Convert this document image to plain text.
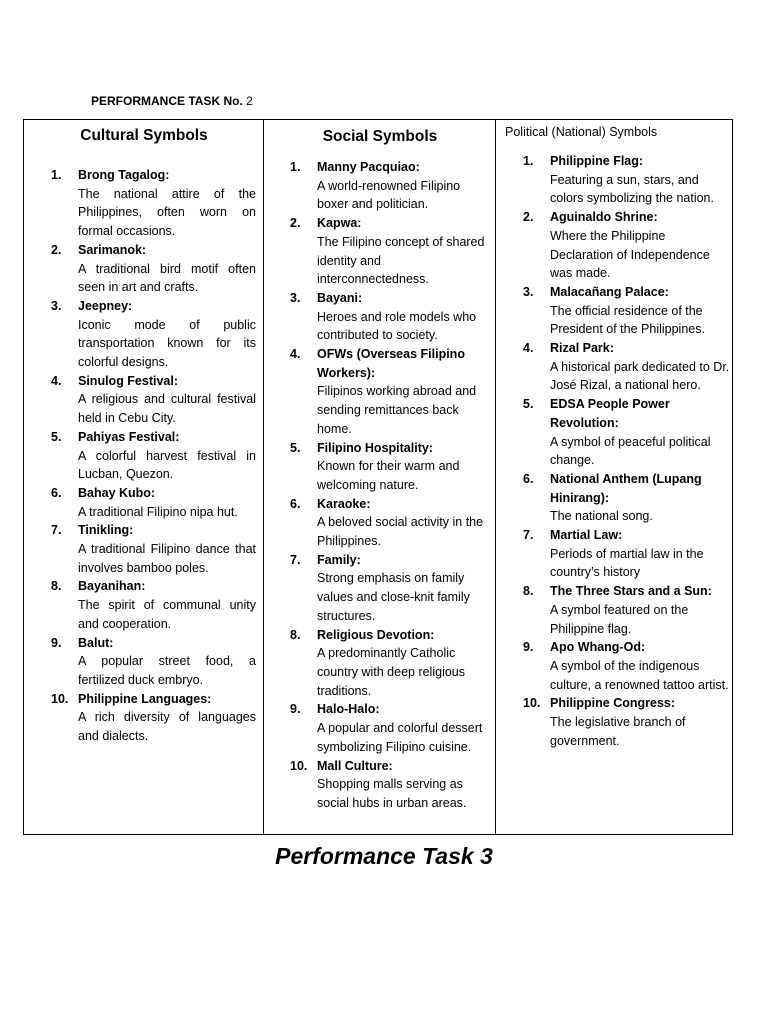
PERFORMANCE TASK No. 2
Cultural Symbols
1. Brong Tagalog:
The national attire of the Philippines, often worn on formal occasions.
2. Sarimanok:
A traditional bird motif often seen in art and crafts.
3. Jeepney:
Iconic mode of public transportation known for its colorful designs.
4. Sinulog Festival:
A religious and cultural festival held in Cebu City.
5. Pahiyas Festival:
A colorful harvest festival in Lucban, Quezon.
6. Bahay Kubo:
A traditional Filipino nipa hut.
7. Tinikling:
A traditional Filipino dance that involves bamboo poles.
8. Bayanihan:
The spirit of communal unity and cooperation.
9. Balut:
A popular street food, a fertilized duck embryo.
10. Philippine Languages:
A rich diversity of languages and dialects.
Social Symbols
1. Manny Pacquiao:
A world-renowned Filipino boxer and politician.
2. Kapwa:
The Filipino concept of shared identity and interconnectedness.
3. Bayani:
Heroes and role models who contributed to society.
4. OFWs (Overseas Filipino Workers):
Filipinos working abroad and sending remittances back home.
5. Filipino Hospitality:
Known for their warm and welcoming nature.
6. Karaoke:
A beloved social activity in the Philippines.
7. Family:
Strong emphasis on family values and close-knit family structures.
8. Religious Devotion:
A predominantly Catholic country with deep religious traditions.
9. Halo-Halo:
A popular and colorful dessert symbolizing Filipino cuisine.
10. Mall Culture:
Shopping malls serving as social hubs in urban areas.
Political (National) Symbols
1. Philippine Flag:
Featuring a sun, stars, and colors symbolizing the nation.
2. Aguinaldo Shrine:
Where the Philippine Declaration of Independence was made.
3. Malacañang Palace:
The official residence of the President of the Philippines.
4. Rizal Park:
A historical park dedicated to Dr. José Rizal, a national hero.
5. EDSA People Power Revolution:
A symbol of peaceful political change.
6. National Anthem (Lupang Hinirang):
The national song.
7. Martial Law:
Periods of martial law in the country’s history
8. The Three Stars and a Sun:
A symbol featured on the Philippine flag.
9. Apo Whang-Od:
A symbol of the indigenous culture, a renowned tattoo artist.
10. Philippine Congress:
The legislative branch of government.
Performance Task 3
